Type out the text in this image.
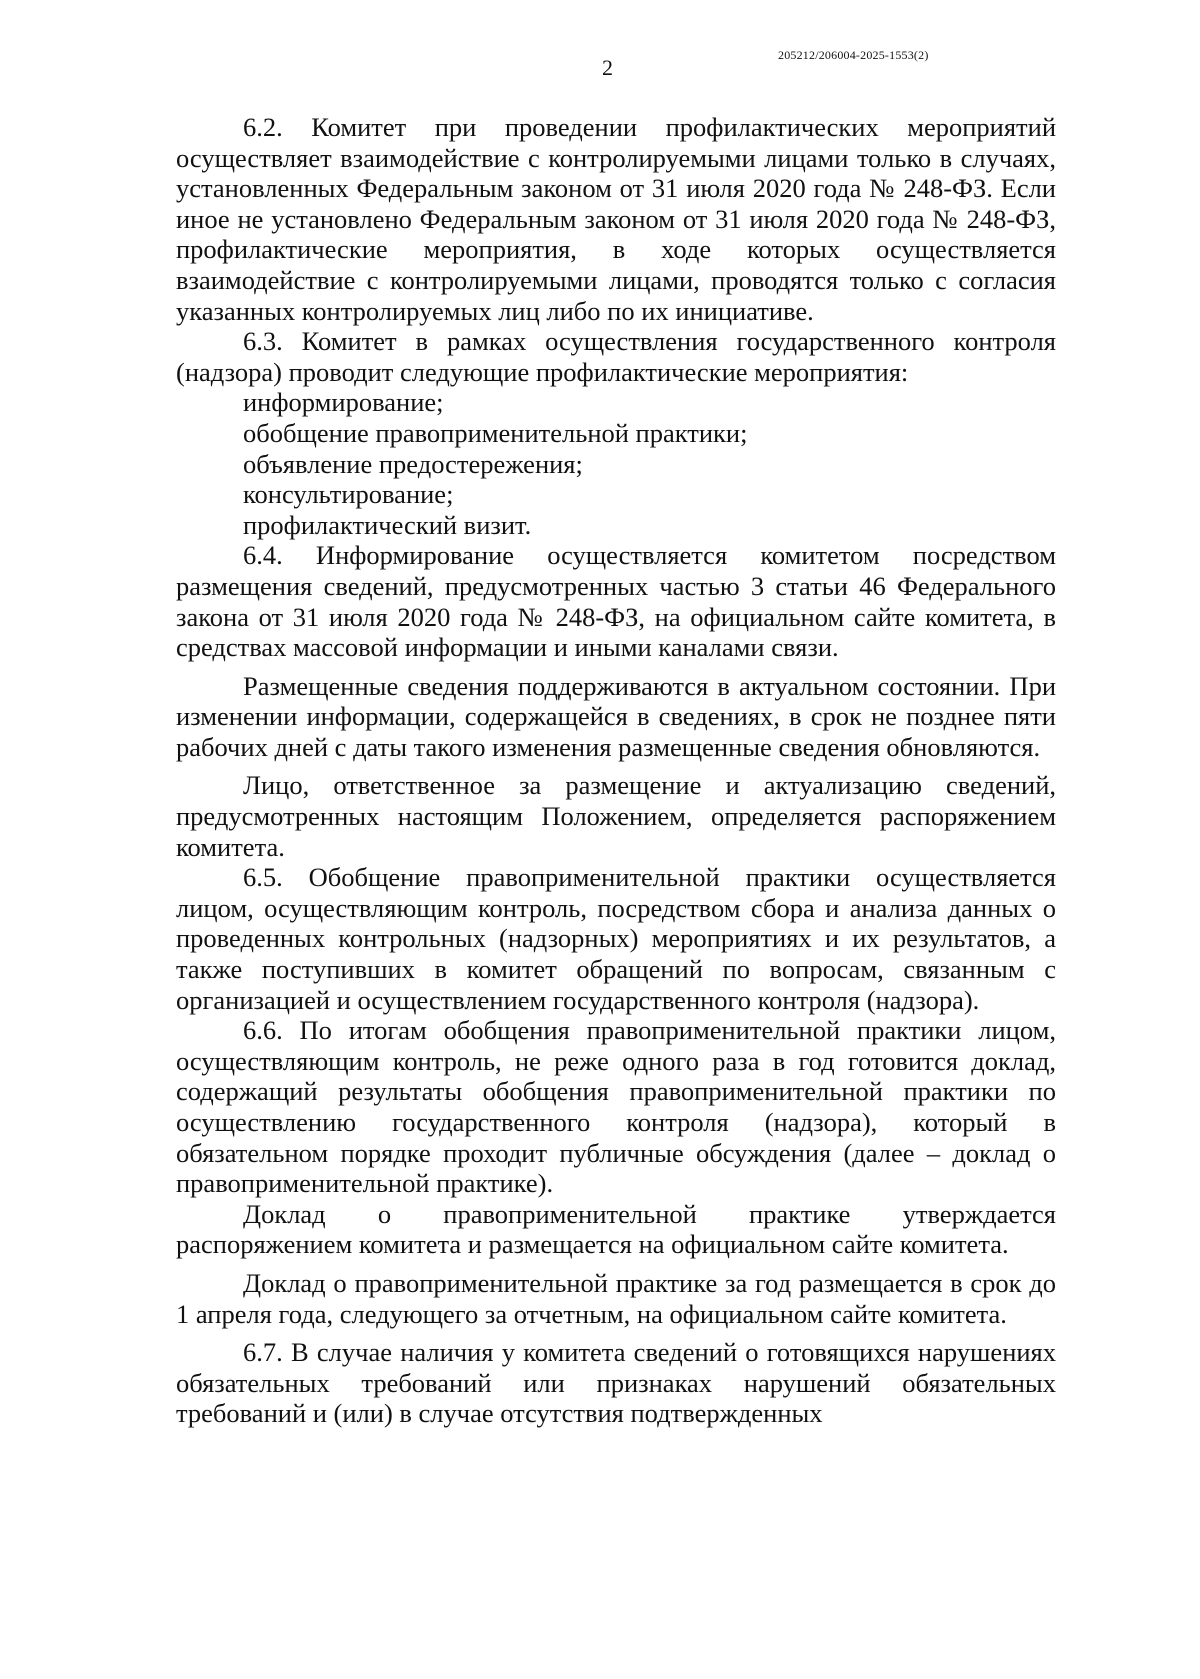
2	205212/206004-2025-1553(2)

6.2. Комитет при проведении профилактических мероприятий осуществляет взаимодействие с контролируемыми лицами только в случаях, установленных Федеральным законом от 31 июля 2020 года № 248-ФЗ. Если иное не установлено Федеральным законом от 31 июля 2020 года № 248-ФЗ, профилактические мероприятия, в ходе которых осуществляется взаимодействие с контролируемыми лицами, проводятся только с согласия указанных контролируемых лиц либо по их инициативе.

6.3. Комитет в рамках осуществления государственного контроля (надзора) проводит следующие профилактические мероприятия:

информирование;
обобщение правоприменительной практики;
объявление предостережения;
консультирование;
профилактический визит.

6.4. Информирование осуществляется комитетом посредством размещения сведений, предусмотренных частью 3 статьи 46 Федерального закона от 31 июля 2020 года № 248-ФЗ, на официальном сайте комитета, в средствах массовой информации и иными каналами связи.

Размещенные сведения поддерживаются в актуальном состоянии. При изменении информации, содержащейся в сведениях, в срок не позднее пяти рабочих дней с даты такого изменения размещенные сведения обновляются.

Лицо, ответственное за размещение и актуализацию сведений, предусмотренных настоящим Положением, определяется распоряжением комитета.

6.5. Обобщение правоприменительной практики осуществляется лицом, осуществляющим контроль, посредством сбора и анализа данных о проведенных контрольных (надзорных) мероприятиях и их результатов, а также поступивших в комитет обращений по вопросам, связанным с организацией и осуществлением государственного контроля (надзора).

6.6. По итогам обобщения правоприменительной практики лицом, осуществляющим контроль, не реже одного раза в год готовится доклад, содержащий результаты обобщения правоприменительной практики по осуществлению государственного контроля (надзора), который в обязательном порядке проходит публичные обсуждения (далее – доклад о правоприменительной практике).

Доклад о правоприменительной практике утверждается распоряжением комитета и размещается на официальном сайте комитета.

Доклад о правоприменительной практике за год размещается в срок до 1 апреля года, следующего за отчетным, на официальном сайте комитета.

6.7. В случае наличия у комитета сведений о готовящихся нарушениях обязательных требований или признаках нарушений обязательных требований и (или) в случае отсутствия подтвержденных
